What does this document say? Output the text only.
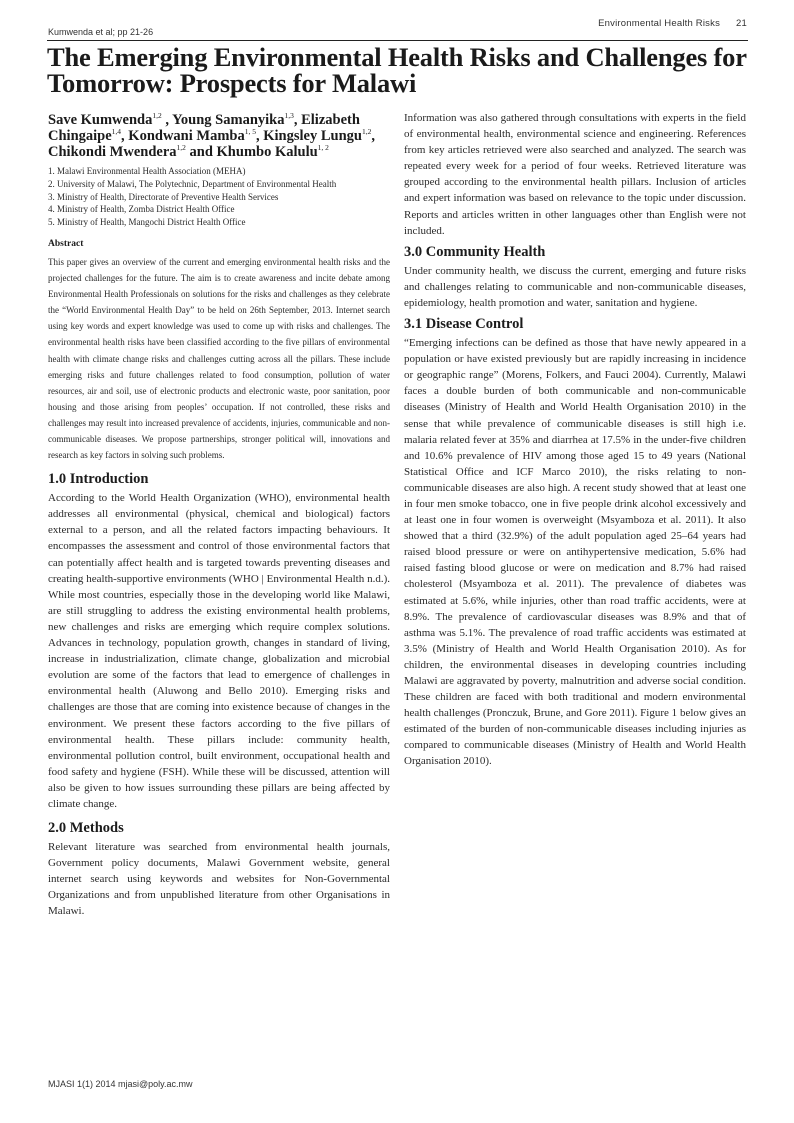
Kumwenda et al; pp 21-26
Environmental Health Risks 21
The Emerging Environmental Health Risks and Challenges for Tomorrow: Prospects for Malawi

Save Kumwenda$^{1,2}$ , Young Samanyika$^{1,3}$, Elizabeth Chingaipe$^{1,4}$, Kondwani Mamba$^{1, 5}$, Kingsley Lungu$^{1,2}$, Chikondi Mwendera$^{1,2}$ and Khumbo Kalulu$^{1, 2}$

1. Malawi Environmental Health Association (MEHA)
2. University of Malawi, The Polytechnic, Department of Environmental Health
3. Ministry of Health, Directorate of Preventive Health Services
4. Ministry of Health, Zomba District Health Office
5. Ministry of Health, Mangochi District Health Office
Abstract

This paper gives an overview of the current and emerging environmental health risks and the projected challenges for the future. The aim is to create awareness and incite debate among Environmental Health Professionals on solutions for the risks and challenges as they celebrate the “World Environmental Health Day” to be held on 26th September, 2013. Internet search using key words and expert knowledge was used to come up with risks and challenges. The environmental health risks have been classified according to the five pillars of environmental health with climate change risks and challenges cutting across all the pillars. These include emerging risks and future challenges related to food consumption, pollution of water resources, air and soil, use of electronic products and electronic waste, poor sanitation, poor housing and those arising from peoples’ occupation. If not controlled, these risks and challenges may result into increased prevalence of accidents, injuries, communicable and non-communicable diseases. We propose partnerships, stronger political will, innovations and research as key factors in solving such problems.

1.0 Introduction

According to the World Health Organization (WHO), environmental health addresses all environmental (physical, chemical and biological) factors external to a person, and all the related factors impacting behaviours. It encompasses the assessment and control of those environmental factors that can potentially affect health and is targeted towards preventing diseases and creating health-supportive environments (WHO | Environmental Health n.d.). While most countries, especially those in the developing world like Malawi, are still struggling to address the existing environmental health problems, new challenges and risks are emerging which require complex solutions. Advances in technology, population growth, changes in standard of living, increase in industrialization, climate change, globalization and microbial evolution are some of the factors that lead to emergence of challenges in environmental health (Aluwong and Bello 2010). Emerging risks and challenges are those that are coming into existence because of changes in the environment. We present these factors according to the five pillars of environmental health. These pillars include: community health, environmental pollution control, built environment, occupational health and food safety and hygiene (FSH). While these will be discussed, attention will also be given to how issues surrounding these pillars are being affected by climate change.

2.0 Methods

Relevant literature was searched from environmental health journals, Government policy documents, Malawi Government website, general internet search using keywords and websites for Non-Governmental Organizations and from unpublished literature from other Organisations in Malawi.

Information was also gathered through consultations with experts in the field of environmental health, environmental science and engineering. References from key articles retrieved were also searched and analyzed. The search was repeated every week for a period of four weeks. Retrieved literature was grouped according to the environmental health pillars. Inclusion of articles and expert information was based on relevance to the topic under discussion. Reports and articles written in other languages other than English were not included.

3.0 Community Health

Under community health, we discuss the current, emerging and future risks and challenges relating to communicable and non-communicable diseases, epidemiology, health promotion and water, sanitation and hygiene.

3.1 Disease Control

“Emerging infections can be defined as those that have newly appeared in a population or have existed previously but are rapidly increasing in incidence or geographic range” (Morens, Folkers, and Fauci 2004). Currently, Malawi faces a double burden of both communicable and non-communicable diseases (Ministry of Health and World Health Organisation 2010) in the sense that while prevalence of communicable diseases is still high i.e. malaria related fever at 35% and diarrhea at 17.5% in the under-five children and 10.6% prevalence of HIV among those aged 15 to 49 years (National Statistical Office and ICF Marco 2010), the risks relating to non-communicable diseases are also high. A recent study showed that at least one in four men smoke tobacco, one in five people drink alcohol excessively and at least one in four women is overweight (Msyamboza et al. 2011). It also showed that a third (32.9%) of the adult population aged 25–64 years had raised blood pressure or were on antihypertensive medication, 5.6% had raised fasting blood glucose or were on medication and 8.7% had raised cholesterol (Msyamboza et al. 2011). The prevalence of diabetes was estimated at 5.6%, while injuries, other than road traffic accidents, were at 8.9%. The prevalence of cardiovascular diseases was 8.9% and that of asthma was 5.1%. The prevalence of road traffic accidents was estimated at 3.5% (Ministry of Health and World Health Organisation 2010). As for children, the environmental diseases in developing countries including Malawi are aggravated by poverty, malnutrition and adverse social condition. These children are faced with both traditional and modern environmental health challenges (Pronczuk, Brune, and Gore 2011). Figure 1 below gives an estimated of the burden of non-communicable diseases including injuries as compared to communicable diseases (Ministry of Health and World Health Organisation 2010).

MJASI 1(1) 2014 mjasi@poly.ac.mw
